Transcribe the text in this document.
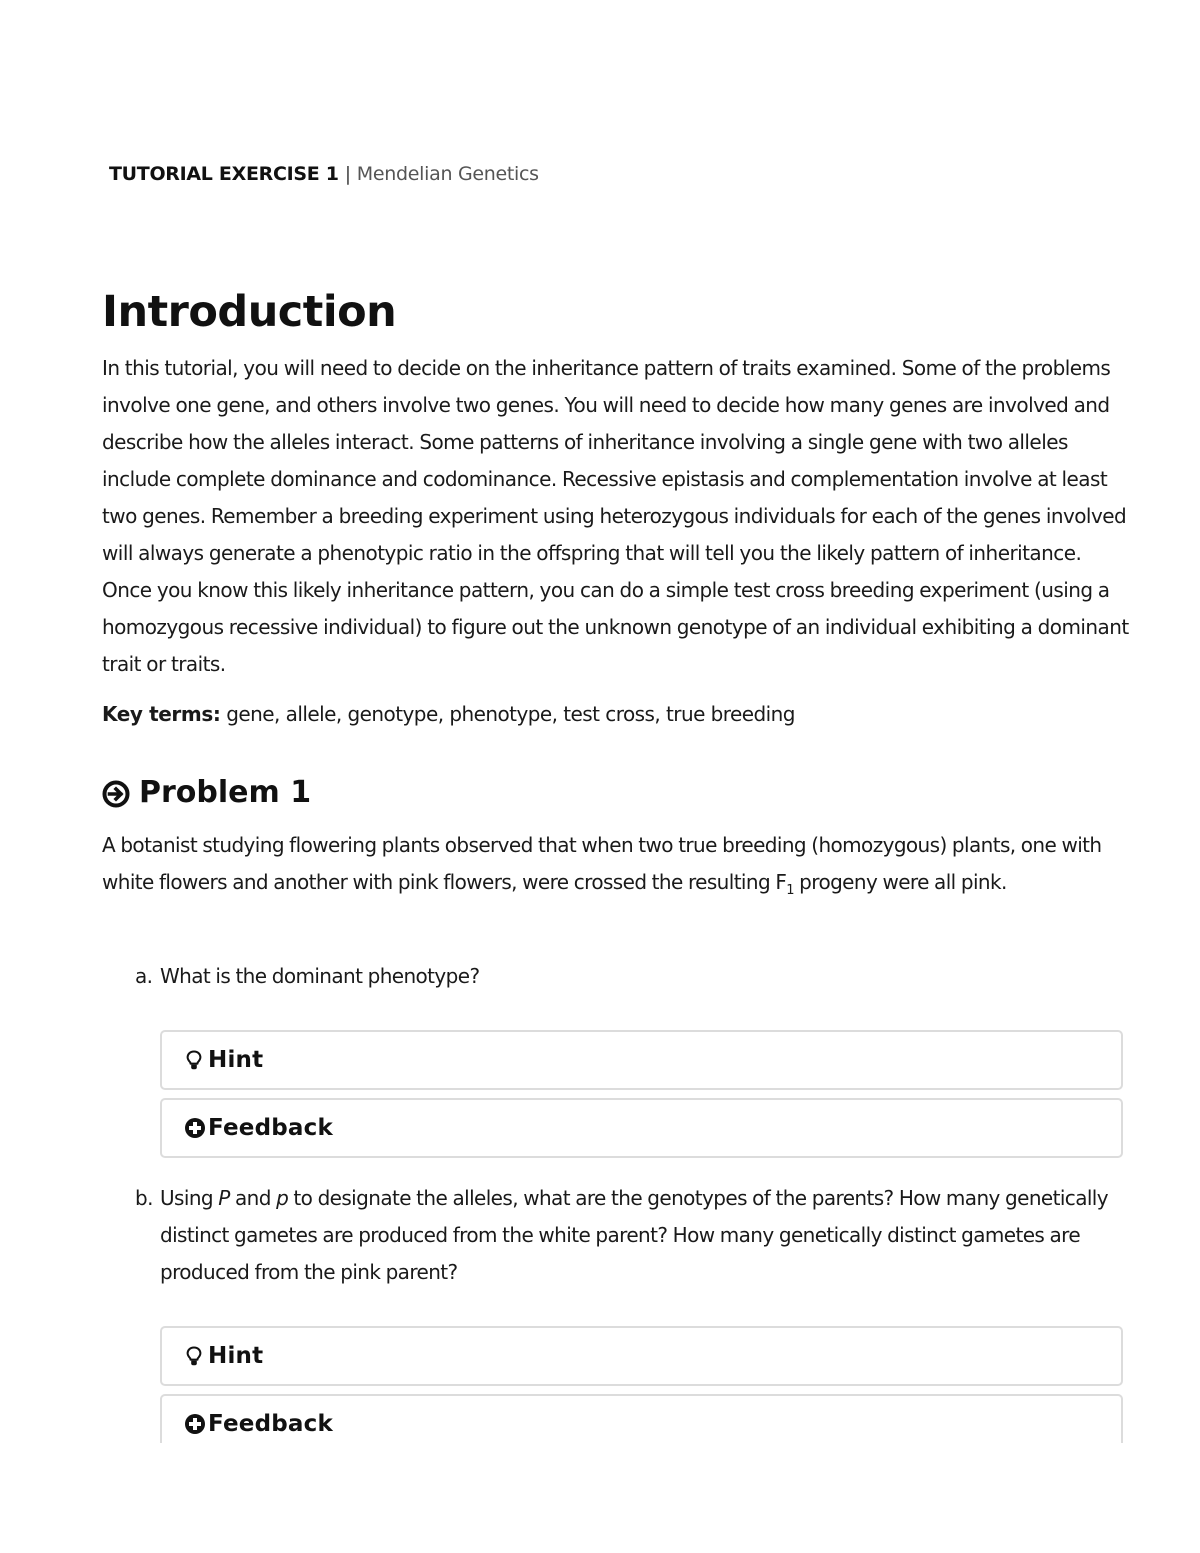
TUTORIAL EXERCISE 1 | Mendelian Genetics
Introduction

In this tutorial, you will need to decide on the inheritance pattern of traits examined. Some of the problems involve one gene, and others involve two genes. You will need to decide how many genes are involved and describe how the alleles interact. Some patterns of inheritance involving a single gene with two alleles include complete dominance and codominance. Recessive epistasis and complementation involve at least two genes. Remember a breeding experiment using heterozygous individuals for each of the genes involved will always generate a phenotypic ratio in the offspring that will tell you the likely pattern of inheritance. Once you know this likely inheritance pattern, you can do a simple test cross breeding experiment (using a homozygous recessive individual) to figure out the unknown genotype of an individual exhibiting a dominant trait or traits.

Key terms: gene, allele, genotype, phenotype, test cross, true breeding

Problem 1

A botanist studying flowering plants observed that when two true breeding (homozygous) plants, one with white flowers and another with pink flowers, were crossed the resulting $F_1$ progeny were all pink.

a. What is the dominant phenotype?
Hint
Feedback
b. Using P and p to designate the alleles, what are the genotypes of the parents? How many genetically distinct gametes are produced from the white parent? How many genetically distinct gametes are produced from the pink parent?
Hint
Feedback
